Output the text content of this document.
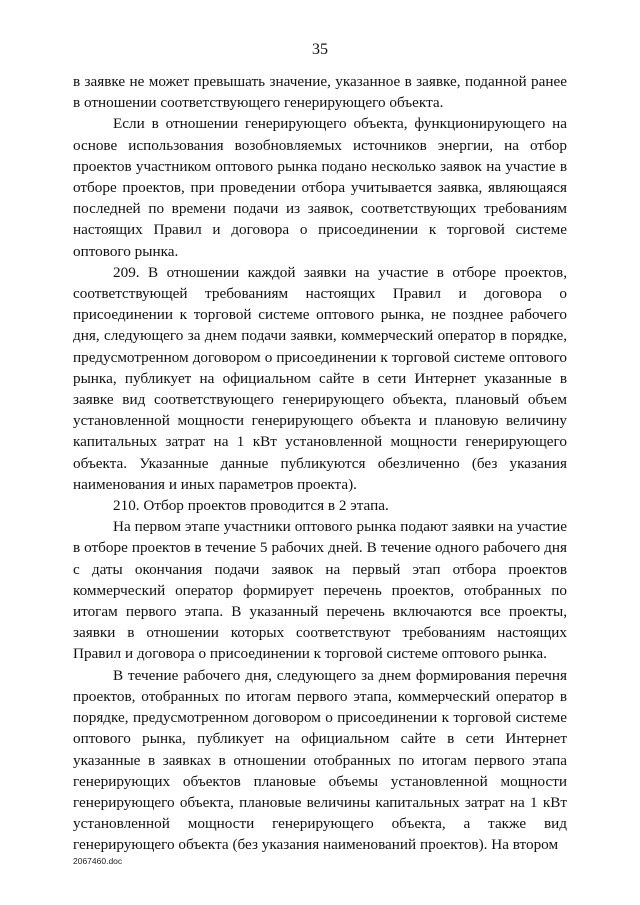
35

в заявке не может превышать значение, указанное в заявке, поданной ранее в отношении соответствующего генерирующего объекта.

Если в отношении генерирующего объекта, функционирующего на основе использования возобновляемых источников энергии, на отбор проектов участником оптового рынка подано несколько заявок на участие в отборе проектов, при проведении отбора учитывается заявка, являющаяся последней по времени подачи из заявок, соответствующих требованиям настоящих Правил и договора о присоединении к торговой системе оптового рынка.

209. В отношении каждой заявки на участие в отборе проектов, соответствующей требованиям настоящих Правил и договора о присоединении к торговой системе оптового рынка, не позднее рабочего дня, следующего за днем подачи заявки, коммерческий оператор в порядке, предусмотренном договором о присоединении к торговой системе оптового рынка, публикует на официальном сайте в сети Интернет указанные в заявке вид соответствующего генерирующего объекта, плановый объем установленной мощности генерирующего объекта и плановую величину капитальных затрат на 1 кВт установленной мощности генерирующего объекта. Указанные данные публикуются обезличенно (без указания наименования и иных параметров проекта).

210. Отбор проектов проводится в 2 этапа.

На первом этапе участники оптового рынка подают заявки на участие в отборе проектов в течение 5 рабочих дней. В течение одного рабочего дня с даты окончания подачи заявок на первый этап отбора проектов коммерческий оператор формирует перечень проектов, отобранных по итогам первого этапа. В указанный перечень включаются все проекты, заявки в отношении которых соответствуют требованиям настоящих Правил и договора о присоединении к торговой системе оптового рынка.

В течение рабочего дня, следующего за днем формирования перечня проектов, отобранных по итогам первого этапа, коммерческий оператор в порядке, предусмотренном договором о присоединении к торговой системе оптового рынка, публикует на официальном сайте в сети Интернет указанные в заявках в отношении отобранных по итогам первого этапа генерирующих объектов плановые объемы установленной мощности генерирующего объекта, плановые величины капитальных затрат на 1 кВт установленной мощности генерирующего объекта, а также вид генерирующего объекта (без указания наименований проектов). На втором

2067460.doc
